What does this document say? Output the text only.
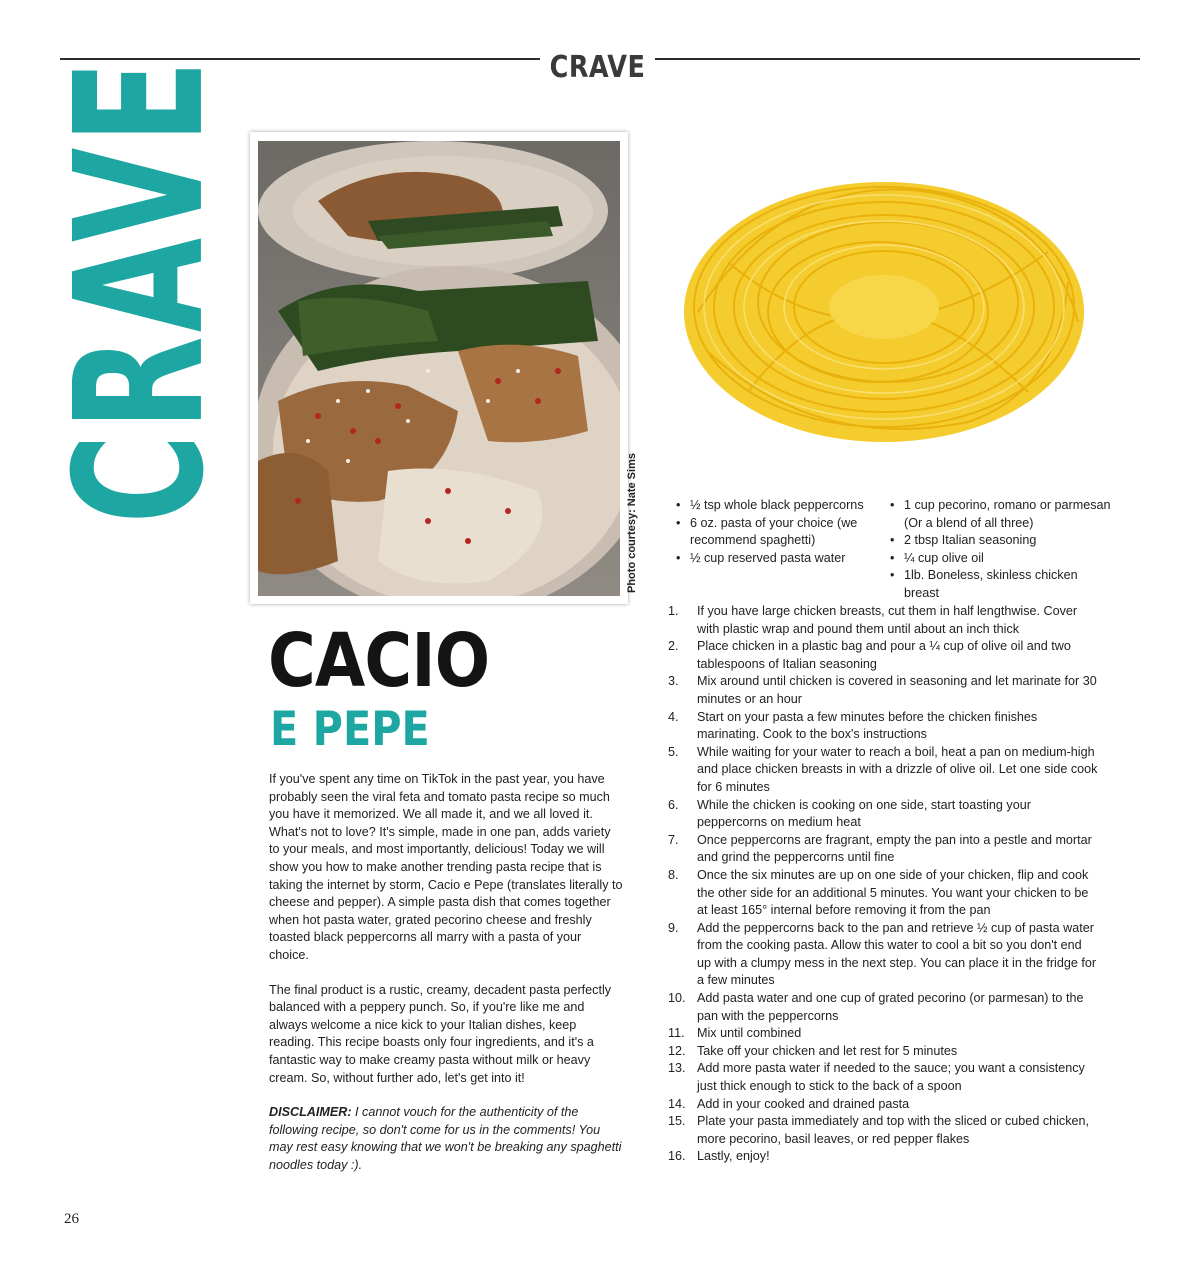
CRAVE
CRAVE	Photo courtesy: Nate Sims
CACIO
E PEPE

If you've spent any time on TikTok in the past year, you have probably seen the viral feta and tomato pasta recipe so much you have it memorized. We all made it, and we all loved it. What's not to love? It's simple, made in one pan, adds variety to your meals, and most importantly, delicious! Today we will show you how to make another trending pasta recipe that is taking the internet by storm, Cacio e Pepe (translates literally to cheese and pepper). A simple pasta dish that comes together when hot pasta water, grated pecorino cheese and freshly toasted black peppercorns all marry with a pasta of your choice.

The final product is a rustic, creamy, decadent pasta perfectly balanced with a peppery punch. So, if you're like me and always welcome a nice kick to your Italian dishes, keep reading. This recipe boasts only four ingredients, and it's a fantastic way to make creamy pasta without milk or heavy cream. So, without further ado, let's get into it!

DISCLAIMER: I cannot vouch for the authenticity of the following recipe, so don't come for us in the comments! You may rest easy knowing that we won't be breaking any spaghetti noodles today :).

• ½ tsp whole black peppercorns
• 6 oz. pasta of your choice (we recommend spaghetti)
• ½ cup reserved pasta water
• 1 cup pecorino, romano or parmesan (Or a blend of all three)
• 2 tbsp Italian seasoning
• ¼ cup olive oil
• 1lb. Boneless, skinless chicken breast
1.	If you have large chicken breasts, cut them in half lengthwise. Cover with plastic wrap and pound them until about an inch thick
2.	Place chicken in a plastic bag and pour a ¼ cup of olive oil and two tablespoons of Italian seasoning
3.	Mix around until chicken is covered in seasoning and let marinate for 30 minutes or an hour
4.	Start on your pasta a few minutes before the chicken finishes marinating. Cook to the box's instructions
5.	While waiting for your water to reach a boil, heat a pan on medium-high and place chicken breasts in with a drizzle of olive oil. Let one side cook for 6 minutes
6.	While the chicken is cooking on one side, start toasting your peppercorns on medium heat
7.	Once peppercorns are fragrant, empty the pan into a pestle and mortar and grind the peppercorns until fine
8.	Once the six minutes are up on one side of your chicken, flip and cook the other side for an additional 5 minutes. You want your chicken to be at least 165° internal before removing it from the pan
9.	Add the peppercorns back to the pan and retrieve ½ cup of pasta water from the cooking pasta. Allow this water to cool a bit so you don't end up with a clumpy mess in the next step. You can place it in the fridge for a few minutes
10. Add pasta water and one cup of grated pecorino (or parmesan) to the pan with the peppercorns
11. Mix until combined
12. Take off your chicken and let rest for 5 minutes
13. Add more pasta water if needed to the sauce; you want a consistency just thick enough to stick to the back of a spoon
14. Add in your cooked and drained pasta
15. Plate your pasta immediately and top with the sliced or cubed chicken, more pecorino, basil leaves, or red pepper flakes
16. Lastly, enjoy!
26
